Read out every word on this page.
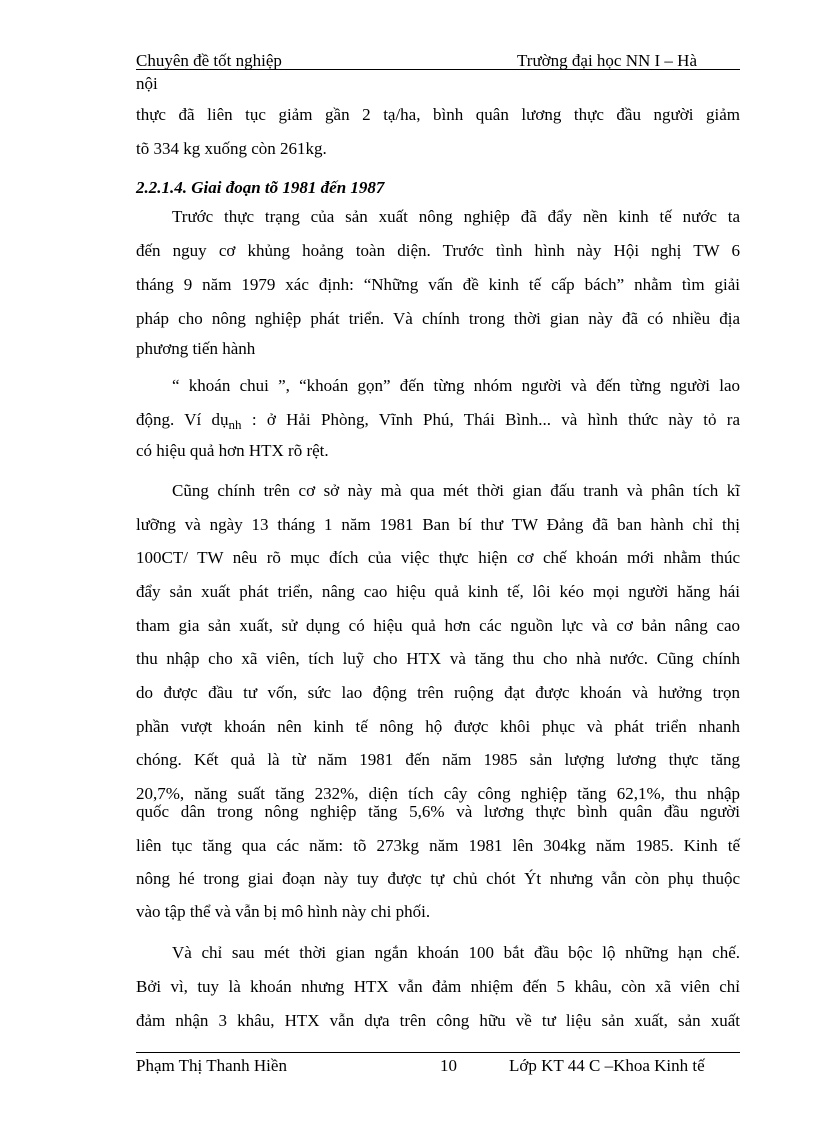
Chuyên đề tốt nghiệp	Trường đại học NN I – Hà
nội
thực đã liên tục giảm gần 2 tạ/ha, bình quân lương thực đầu người giảm
tõ 334 kg xuống còn 261kg.
2.2.1.4. Giai đoạn tõ 1981 đến 1987
Trước thực trạng của sản xuất nông nghiệp đã đẩy nền kinh tế nước ta
đến nguy cơ khủng hoảng toàn diện. Trước tình hình này Hội nghị TW 6
tháng 9 năm 1979 xác định: “Những vấn đề kinh tế cấp bách” nhằm tìm giải
pháp cho nông nghiệp phát triển. Và chính trong thời gian này đã có nhiều địa
phương tiến hành
“ khoán chui ”, “khoán gọn” đến từng nhóm người và đến từng người lao
động. Ví dụ$_{nh}$ : ở Hải Phòng, Vĩnh Phú, Thái Bình... và hình thức này tỏ ra
có hiệu quả hơn HTX rõ rệt.
Cũng chính trên cơ sở này mà qua mét thời gian đấu tranh và phân tích kĩ
lưỡng và ngày 13 tháng 1 năm 1981 Ban bí thư TW Đảng đã ban hành chỉ thị
100CT/ TW nêu rõ mục đích của việc thực hiện cơ chế khoán mới nhằm thúc
đẩy sản xuất phát triển, nâng cao hiệu quả kinh tế, lôi kéo mọi người hăng hái
tham gia sản xuất, sử dụng có hiệu quả hơn các nguồn lực và cơ bản nâng cao
thu nhập cho xã viên, tích luỹ cho HTX và tăng thu cho nhà nước. Cũng chính
do được đầu tư vốn, sức lao động trên ruộng đạt được khoán và hưởng trọn
phần vượt khoán nên kinh tế nông hộ được khôi phục và phát triển nhanh
chóng. Kết quả là từ năm 1981 đến năm 1985 sản lượng lương thực tăng
20,7%, năng suất tăng 232%, diện tích cây công nghiệp tăng 62,1%, thu nhập
quốc dân trong nông nghiệp tăng 5,6% và lương thực bình quân đầu người
liên tục tăng qua các năm: tõ 273kg năm 1981 lên 304kg năm 1985. Kinh tế
nông hé trong giai đoạn này tuy được tự chủ chót Ýt nhưng vẫn còn phụ thuộc
vào tập thể và vẫn bị mô hình này chi phối.
Và chỉ sau mét thời gian ngắn khoán 100 bắt đầu bộc lộ những hạn chế.
Bởi vì, tuy là khoán nhưng HTX vẫn đảm nhiệm đến 5 khâu, còn xã viên chỉ
đảm nhận 3 khâu, HTX vẫn dựa trên công hữu về tư liệu sản xuất, sản xuất
Phạm Thị Thanh Hiền	10	Lớp KT 44 C –Khoa Kinh tế
